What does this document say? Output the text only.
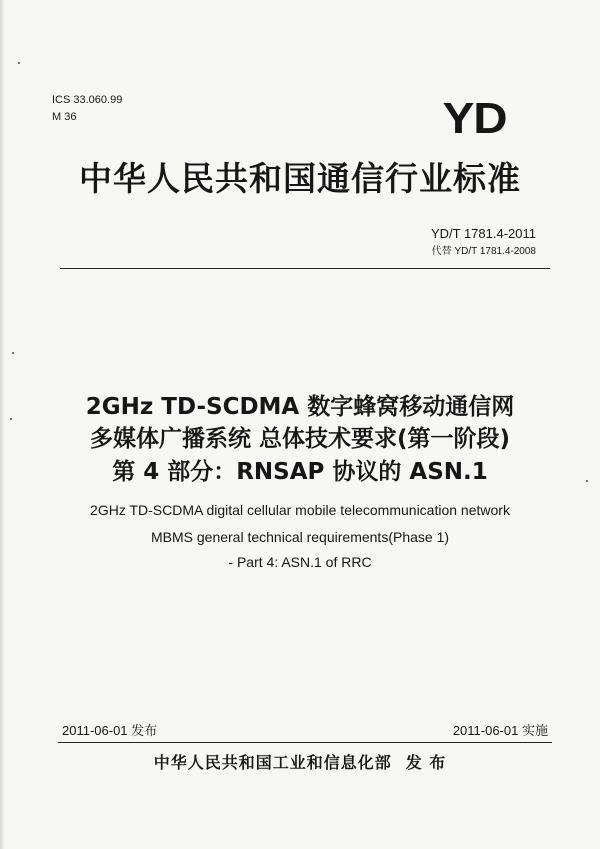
ICS 33.060.99
M 36	YD
中华人民共和国通信行业标准
YD/T 1781.4-2011
代替 YD/T 1781.4-2008
2GHz TD-SCDMA 数字蜂窝移动通信网
多媒体广播系统 总体技术要求(第一阶段)
第 4 部分：RNSAP 协议的 ASN.1
2GHz TD-SCDMA digital cellular mobile telecommunication network
MBMS general technical requirements(Phase 1)
- Part 4: ASN.1 of RRC
2011-06-01 发布	2011-06-01 实施
中华人民共和国工业和信息化部 发 布
